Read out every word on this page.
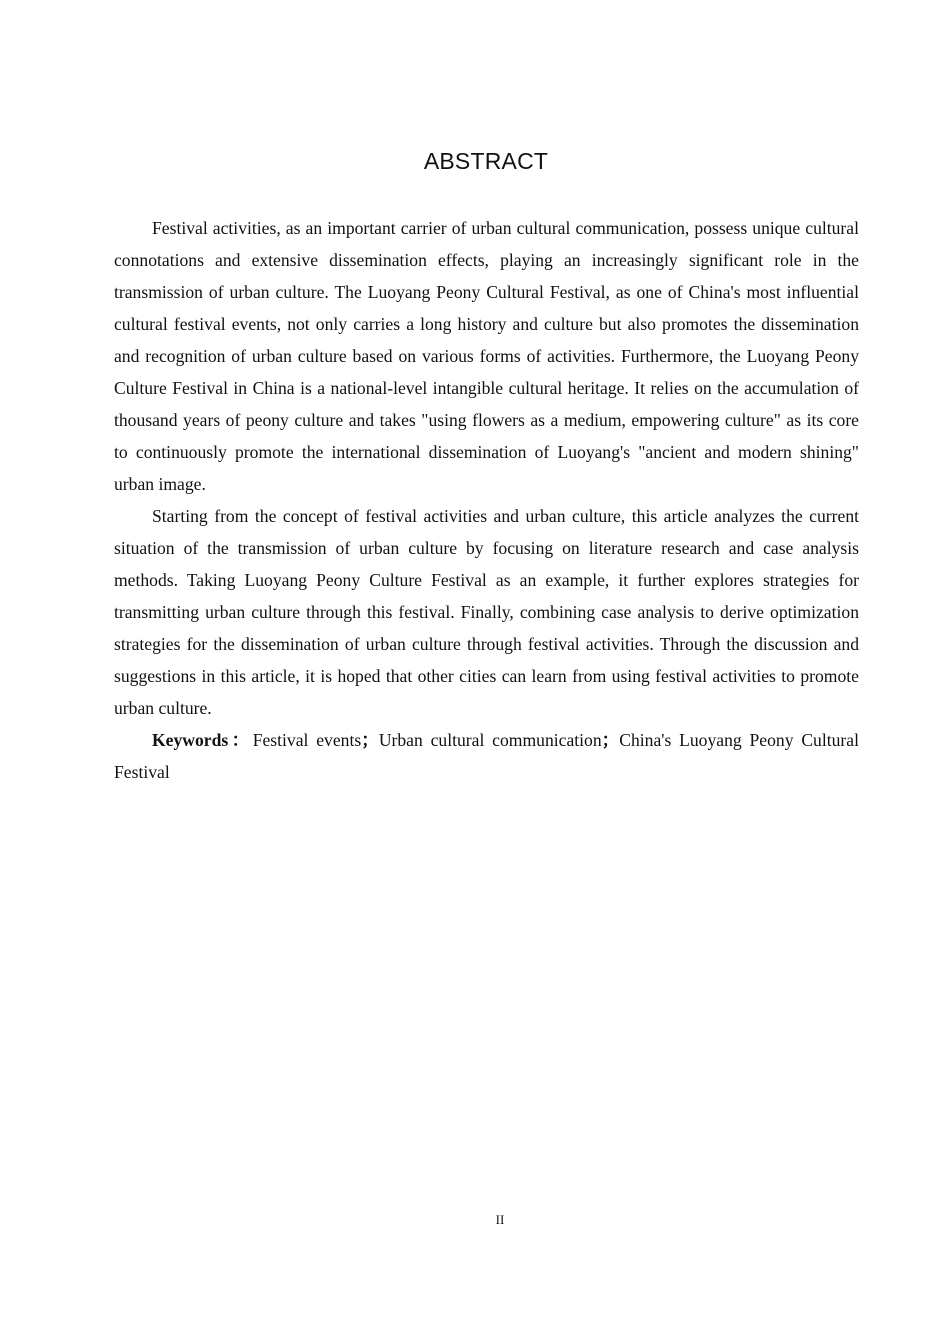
ABSTRACT

Festival activities, as an important carrier of urban cultural communication, possess unique cultural connotations and extensive dissemination effects, playing an increasingly significant role in the transmission of urban culture. The Luoyang Peony Cultural Festival, as one of China's most influential cultural festival events, not only carries a long history and culture but also promotes the dissemination and recognition of urban culture based on various forms of activities. Furthermore, the Luoyang Peony Culture Festival in China is a national-level intangible cultural heritage. It relies on the accumulation of thousand years of peony culture and takes "using flowers as a medium, empowering culture" as its core to continuously promote the international dissemination of Luoyang's "ancient and modern shining" urban image.

Starting from the concept of festival activities and urban culture, this article analyzes the current situation of the transmission of urban culture by focusing on literature research and case analysis methods. Taking Luoyang Peony Culture Festival as an example, it further explores strategies for transmitting urban culture through this festival. Finally, combining case analysis to derive optimization strategies for the dissemination of urban culture through festival activities. Through the discussion and suggestions in this article, it is hoped that other cities can learn from using festival activities to promote urban culture.

Keywords：Festival events；Urban cultural communication；China's Luoyang Peony Cultural Festival

II
